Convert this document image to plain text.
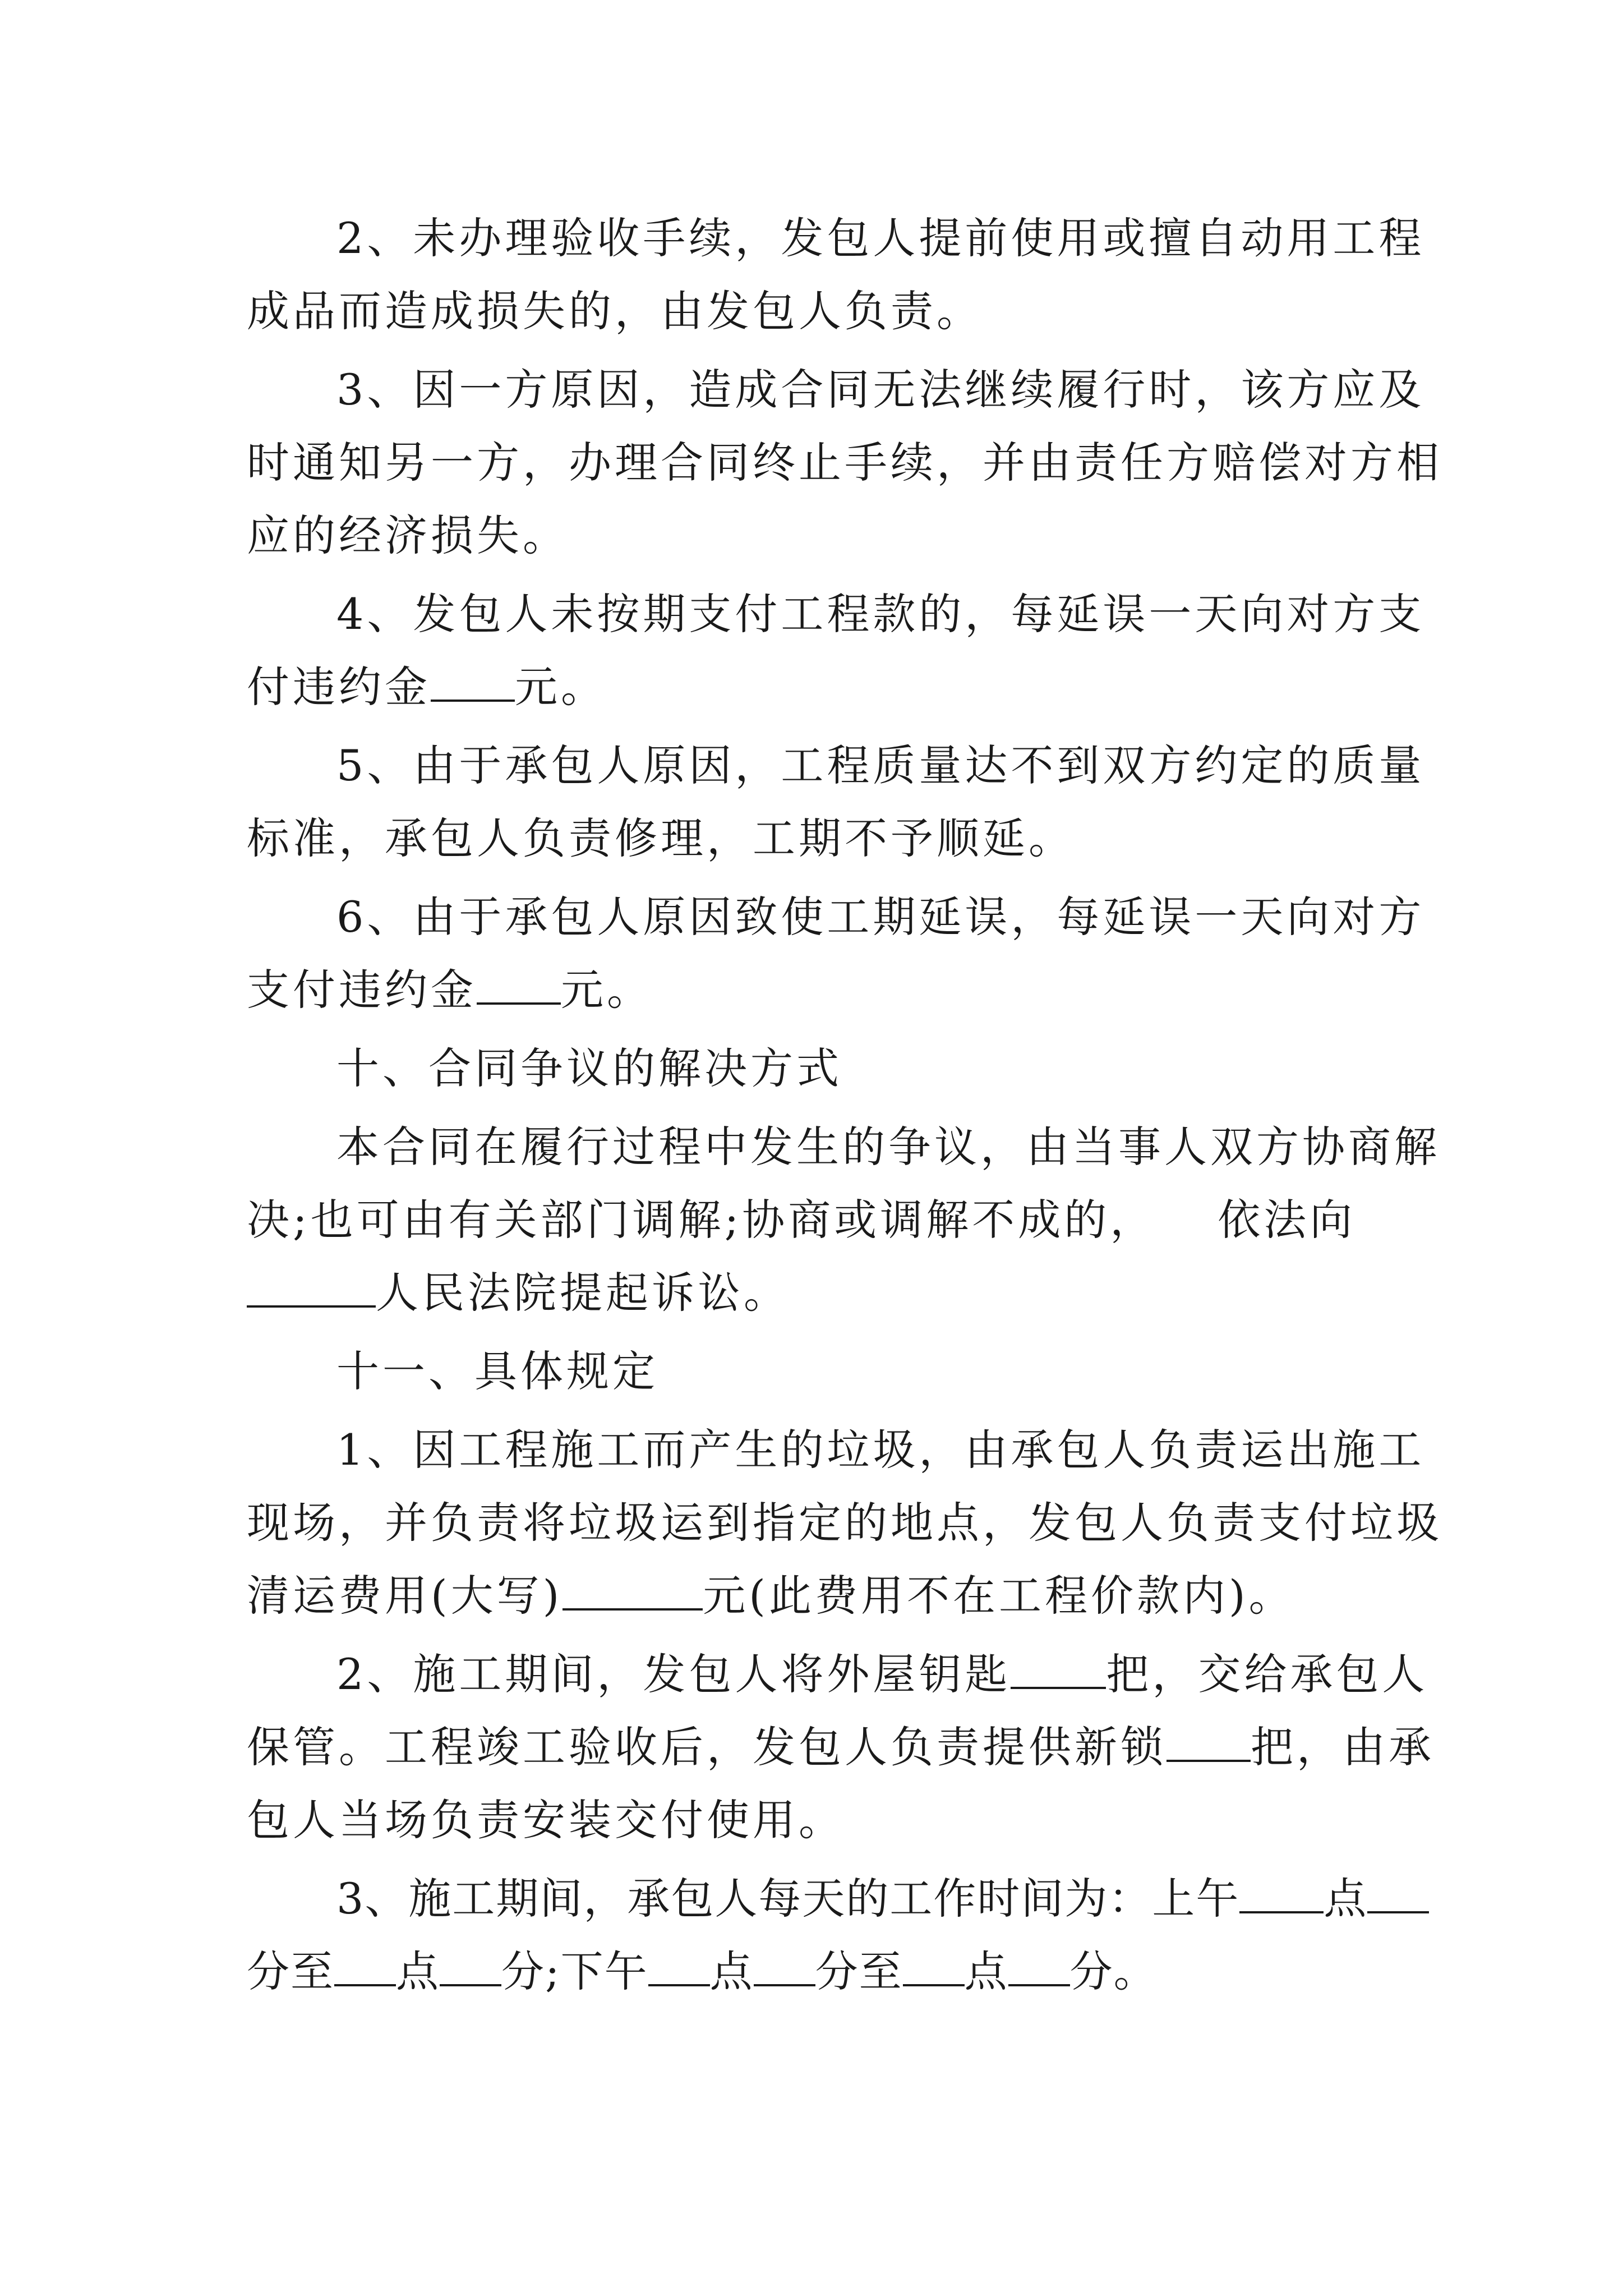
2、未办理验收手续，发包人提前使用或擅自动用工程
成品而造成损失的，由发包人负责。
3、因一方原因，造成合同无法继续履行时，该方应及
时通知另一方，办理合同终止手续，并由责任方赔偿对方相
应的经济损失。
4、发包人未按期支付工程款的，每延误一天向对方支
付违约金 元。
5、由于承包人原因，工程质量达不到双方约定的质量
标准，承包人负责修理，工期不予顺延。
6、由于承包人原因致使工期延误，每延误一天向对方
支付违约金 元。
十、合同争议的解决方式
本合同在履行过程中发生的争议，由当事人双方协商解
决;也可由有关部门调解;协商或调解不成的， 依法向
人民法院提起诉讼。
十一、具体规定
1、因工程施工而产生的垃圾，由承包人负责运出施工
现场，并负责将垃圾运到指定的地点，发包人负责支付垃圾
清运费用(大写)	元(此费用不在工程价款内)。
2、施工期间，发包人将外屋钥匙 把，交给承包人
保管。工程竣工验收后，发包人负责提供新锁 把，由承
包人当场负责安装交付使用。
3、施工期间，承包人每天的工作时间为：上午 点
分至 点 分;下午 点 分至 点 分。
